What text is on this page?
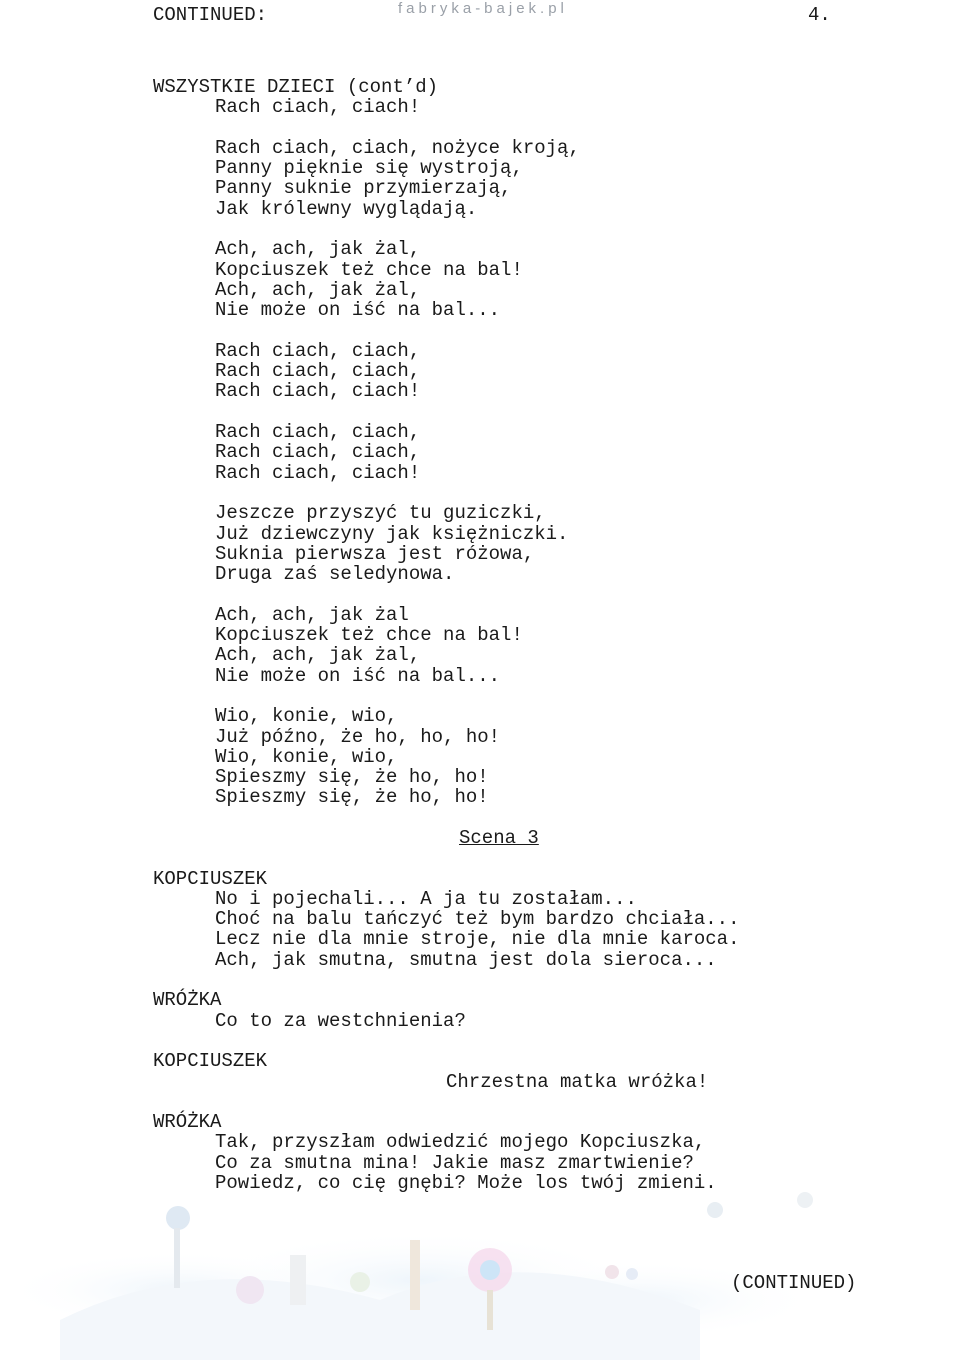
CONTINUED:	fabryka-bajek.pl	4.
WSZYSTKIE DZIECI (cont’d)
Rach ciach, ciach!
Rach ciach, ciach, nożyce kroją,
Panny pięknie się wystroją,
Panny suknie przymierzają,
Jak królewny wyglądają.
Ach, ach, jak żal,
Kopciuszek też chce na bal!
Ach, ach, jak żal,
Nie może on iść na bal...
Rach ciach, ciach,
Rach ciach, ciach,
Rach ciach, ciach!
Rach ciach, ciach,
Rach ciach, ciach,
Rach ciach, ciach!
Jeszcze przyszyć tu guziczki,
Już dziewczyny jak księżniczki.
Suknia pierwsza jest różowa,
Druga zaś seledynowa.
Ach, ach, jak żal
Kopciuszek też chce na bal!
Ach, ach, jak żal,
Nie może on iść na bal...
Wio, konie, wio,
Już późno, że ho, ho, ho!
Wio, konie, wio,
Spieszmy się, że ho, ho!
Spieszmy się, że ho, ho!
Scena 3
KOPCIUSZEK
No i pojechali... A ja tu zostałam...
Choć na balu tańczyć też bym bardzo chciała...
Lecz nie dla mnie stroje, nie dla mnie karoca.
Ach, jak smutna, smutna jest dola sieroca...
WRÓŻKA
Co to za westchnienia?
KOPCIUSZEK
Chrzestna matka wróżka!
WRÓŻKA
Tak, przyszłam odwiedzić mojego Kopciuszka,
Co za smutna mina! Jakie masz zmartwienie?
Powiedz, co cię gnębi? Może los twój zmieni.
(CONTINUED)
